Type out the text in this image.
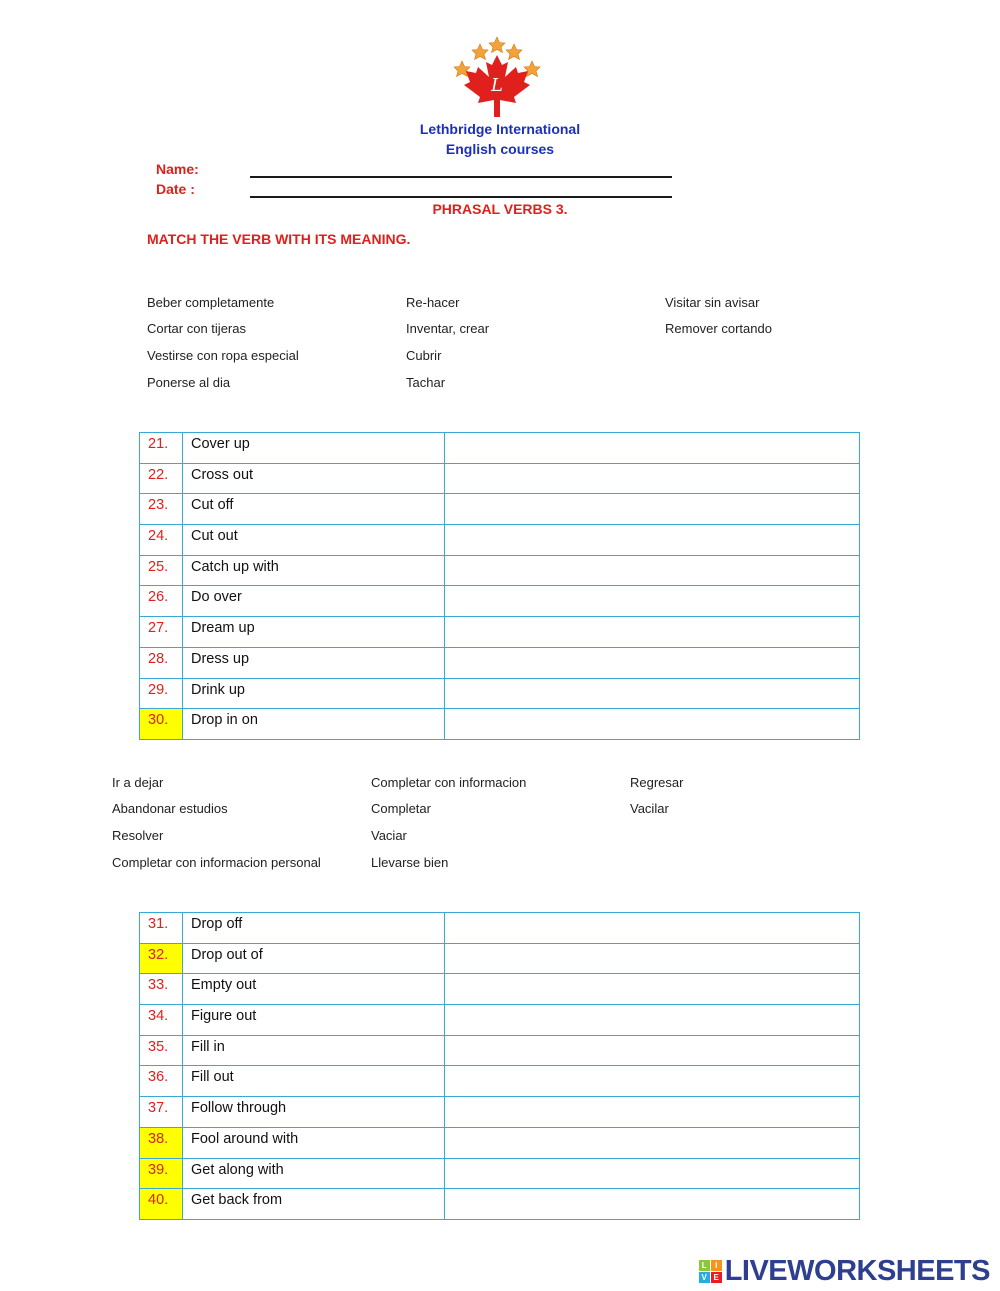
L
Lethbridge International
English courses
Name:
Date :
PHRASAL VERBS 3.
MATCH THE VERB WITH ITS MEANING.
Beber completamente
Cortar con tijeras
Vestirse con ropa especial
Ponerse al dia
Re-hacer
Inventar, crear
Cubrir
Tachar
Visitar sin avisar
Remover cortando
21.	Cover up	
22.	Cross out	
23.	Cut off	
24.	Cut out	
25.	Catch up with	
26.	Do over	
27.	Dream up	
28.	Dress up	
29.	Drink up	
30.	Drop in on	
Ir a dejar
Abandonar estudios
Resolver
Completar con informacion personal
Completar con informacion
Completar
Vaciar
Llevarse bien
Regresar
Vacilar
31.	Drop off	
32.	Drop out of	
33.	Empty out	
34.	Figure out	
35.	Fill in	
36.	Fill out	
37.	Follow through	
38.	Fool around with	
39.	Get along with	
40.	Get back from	
L	I
V E LIVEWORKSHEETS
